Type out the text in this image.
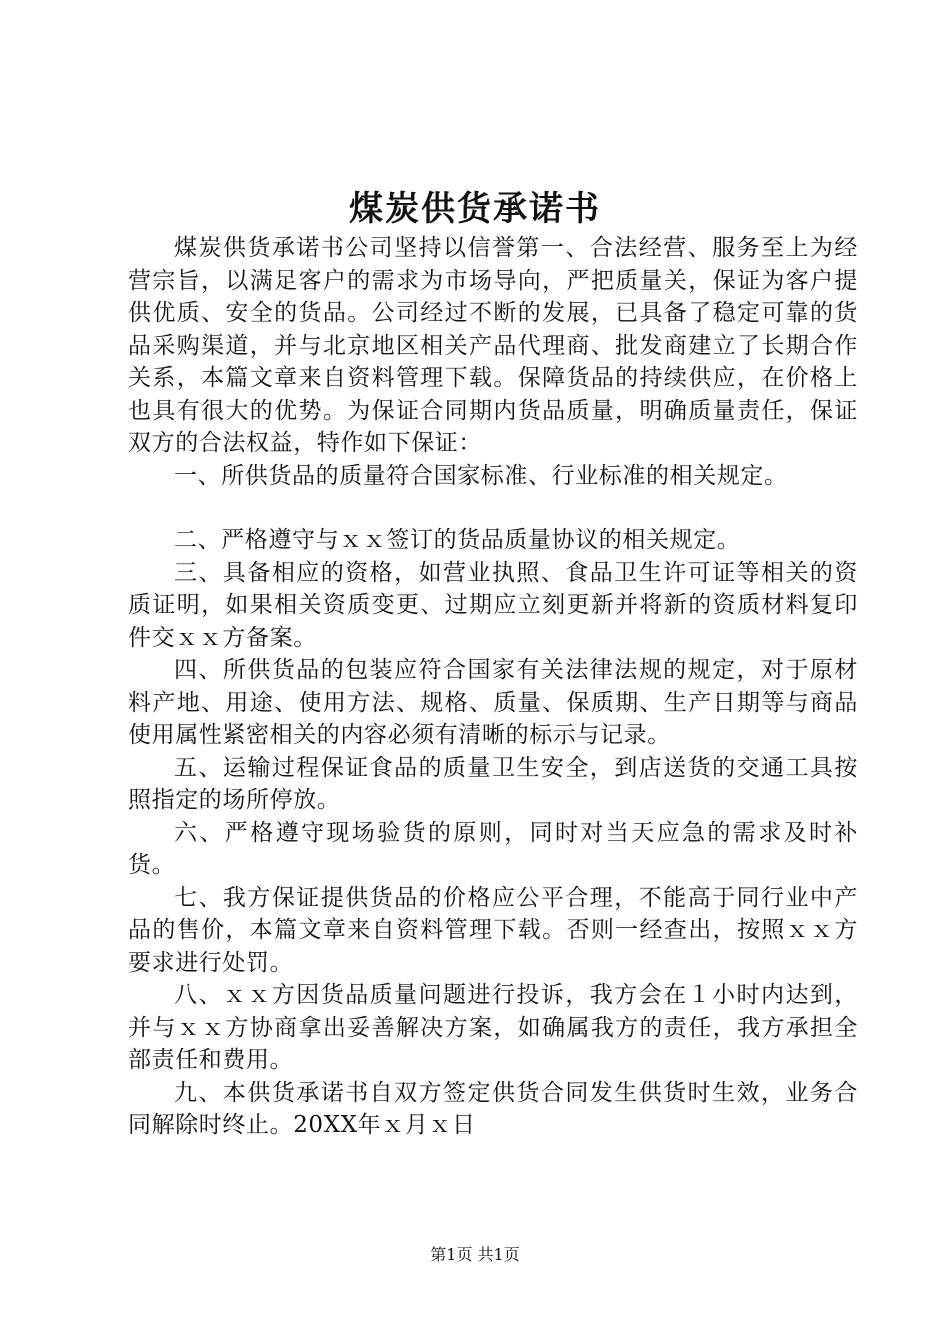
煤炭供货承诺书

煤炭供货承诺书公司坚持以信誉第一、合法经营、服务至上为经营宗旨，以满足客户的需求为市场导向，严把质量关，保证为客户提供优质、安全的货品。公司经过不断的发展，已具备了稳定可靠的货品采购渠道，并与北京地区相关产品代理商、批发商建立了长期合作关系，本篇文章来自资料管理下载。保障货品的持续供应，在价格上也具有很大的优势。为保证合同期内货品质量，明确质量责任，保证双方的合法权益，特作如下保证：

一、所供货品的质量符合国家标准、行业标准的相关规定。

二、严格遵守与ｘｘ签订的货品质量协议的相关规定。

三、具备相应的资格，如营业执照、食品卫生许可证等相关的资质证明，如果相关资质变更、过期应立刻更新并将新的资质材料复印件交ｘｘ方备案。

四、所供货品的包装应符合国家有关法律法规的规定，对于原材料产地、用途、使用方法、规格、质量、保质期、生产日期等与商品使用属性紧密相关的内容必须有清晰的标示与记录。

五、运输过程保证食品的质量卫生安全，到店送货的交通工具按照指定的场所停放。

六、严格遵守现场验货的原则，同时对当天应急的需求及时补货。

七、我方保证提供货品的价格应公平合理，不能高于同行业中产品的售价，本篇文章来自资料管理下载。否则一经查出，按照ｘｘ方要求进行处罚。

八、ｘｘ方因货品质量问题进行投诉，我方会在１小时内达到，并与ｘｘ方协商拿出妥善解决方案，如确属我方的责任，我方承担全部责任和费用。

九、本供货承诺书自双方签定供货合同发生供货时生效，业务合同解除时终止。20XX年ｘ月ｘ日

第1页 共1页
